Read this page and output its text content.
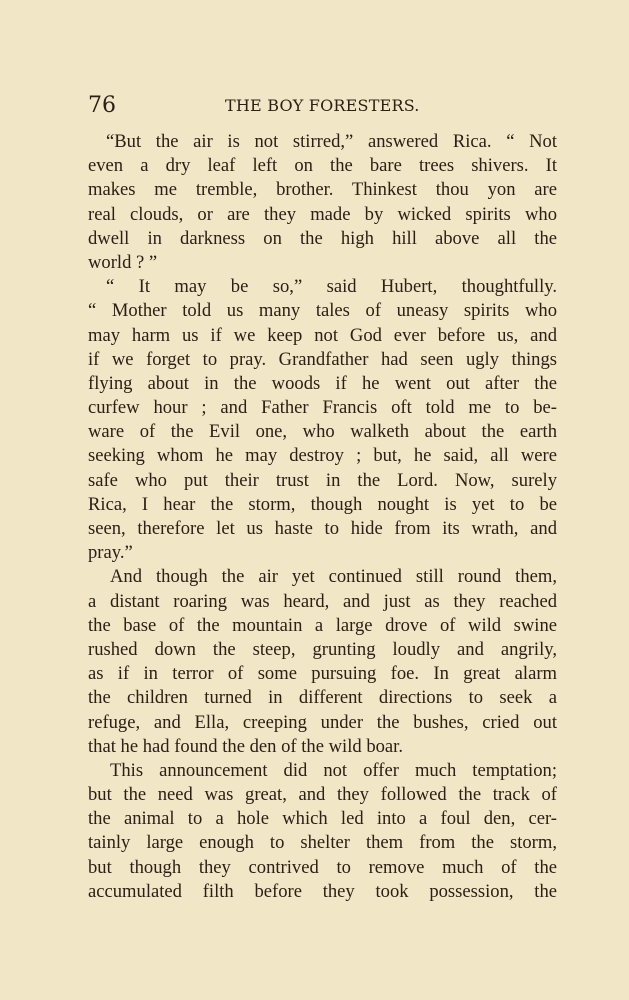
76	THE BOY FORESTERS.
“But the air is not stirred,” answered Rica. “ Not
even a dry leaf left on the bare trees shivers. It
makes me tremble, brother. Thinkest thou yon are
real clouds, or are they made by wicked spirits who
dwell in darkness on the high hill above all the
world ? ”
“ It may be so,” said Hubert, thoughtfully.
“ Mother told us many tales of uneasy spirits who
may harm us if we keep not God ever before us, and
if we forget to pray. Grandfather had seen ugly things
flying about in the woods if he went out after the
curfew hour ; and Father Francis oft told me to be-
ware of the Evil one, who walketh about the earth
seeking whom he may destroy ; but, he said, all were
safe who put their trust in the Lord. Now, surely
Rica, I hear the storm, though nought is yet to be
seen, therefore let us haste to hide from its wrath, and
pray.”
And though the air yet continued still round them,
a distant roaring was heard, and just as they reached
the base of the mountain a large drove of wild swine
rushed down the steep, grunting loudly and angrily,
as if in terror of some pursuing foe. In great alarm
the children turned in different directions to seek a
refuge, and Ella, creeping under the bushes, cried out
that he had found the den of the wild boar.
This announcement did not offer much temptation;
but the need was great, and they followed the track of
the animal to a hole which led into a foul den, cer-
tainly large enough to shelter them from the storm,
but though they contrived to remove much of the
accumulated filth before they took possession, the
